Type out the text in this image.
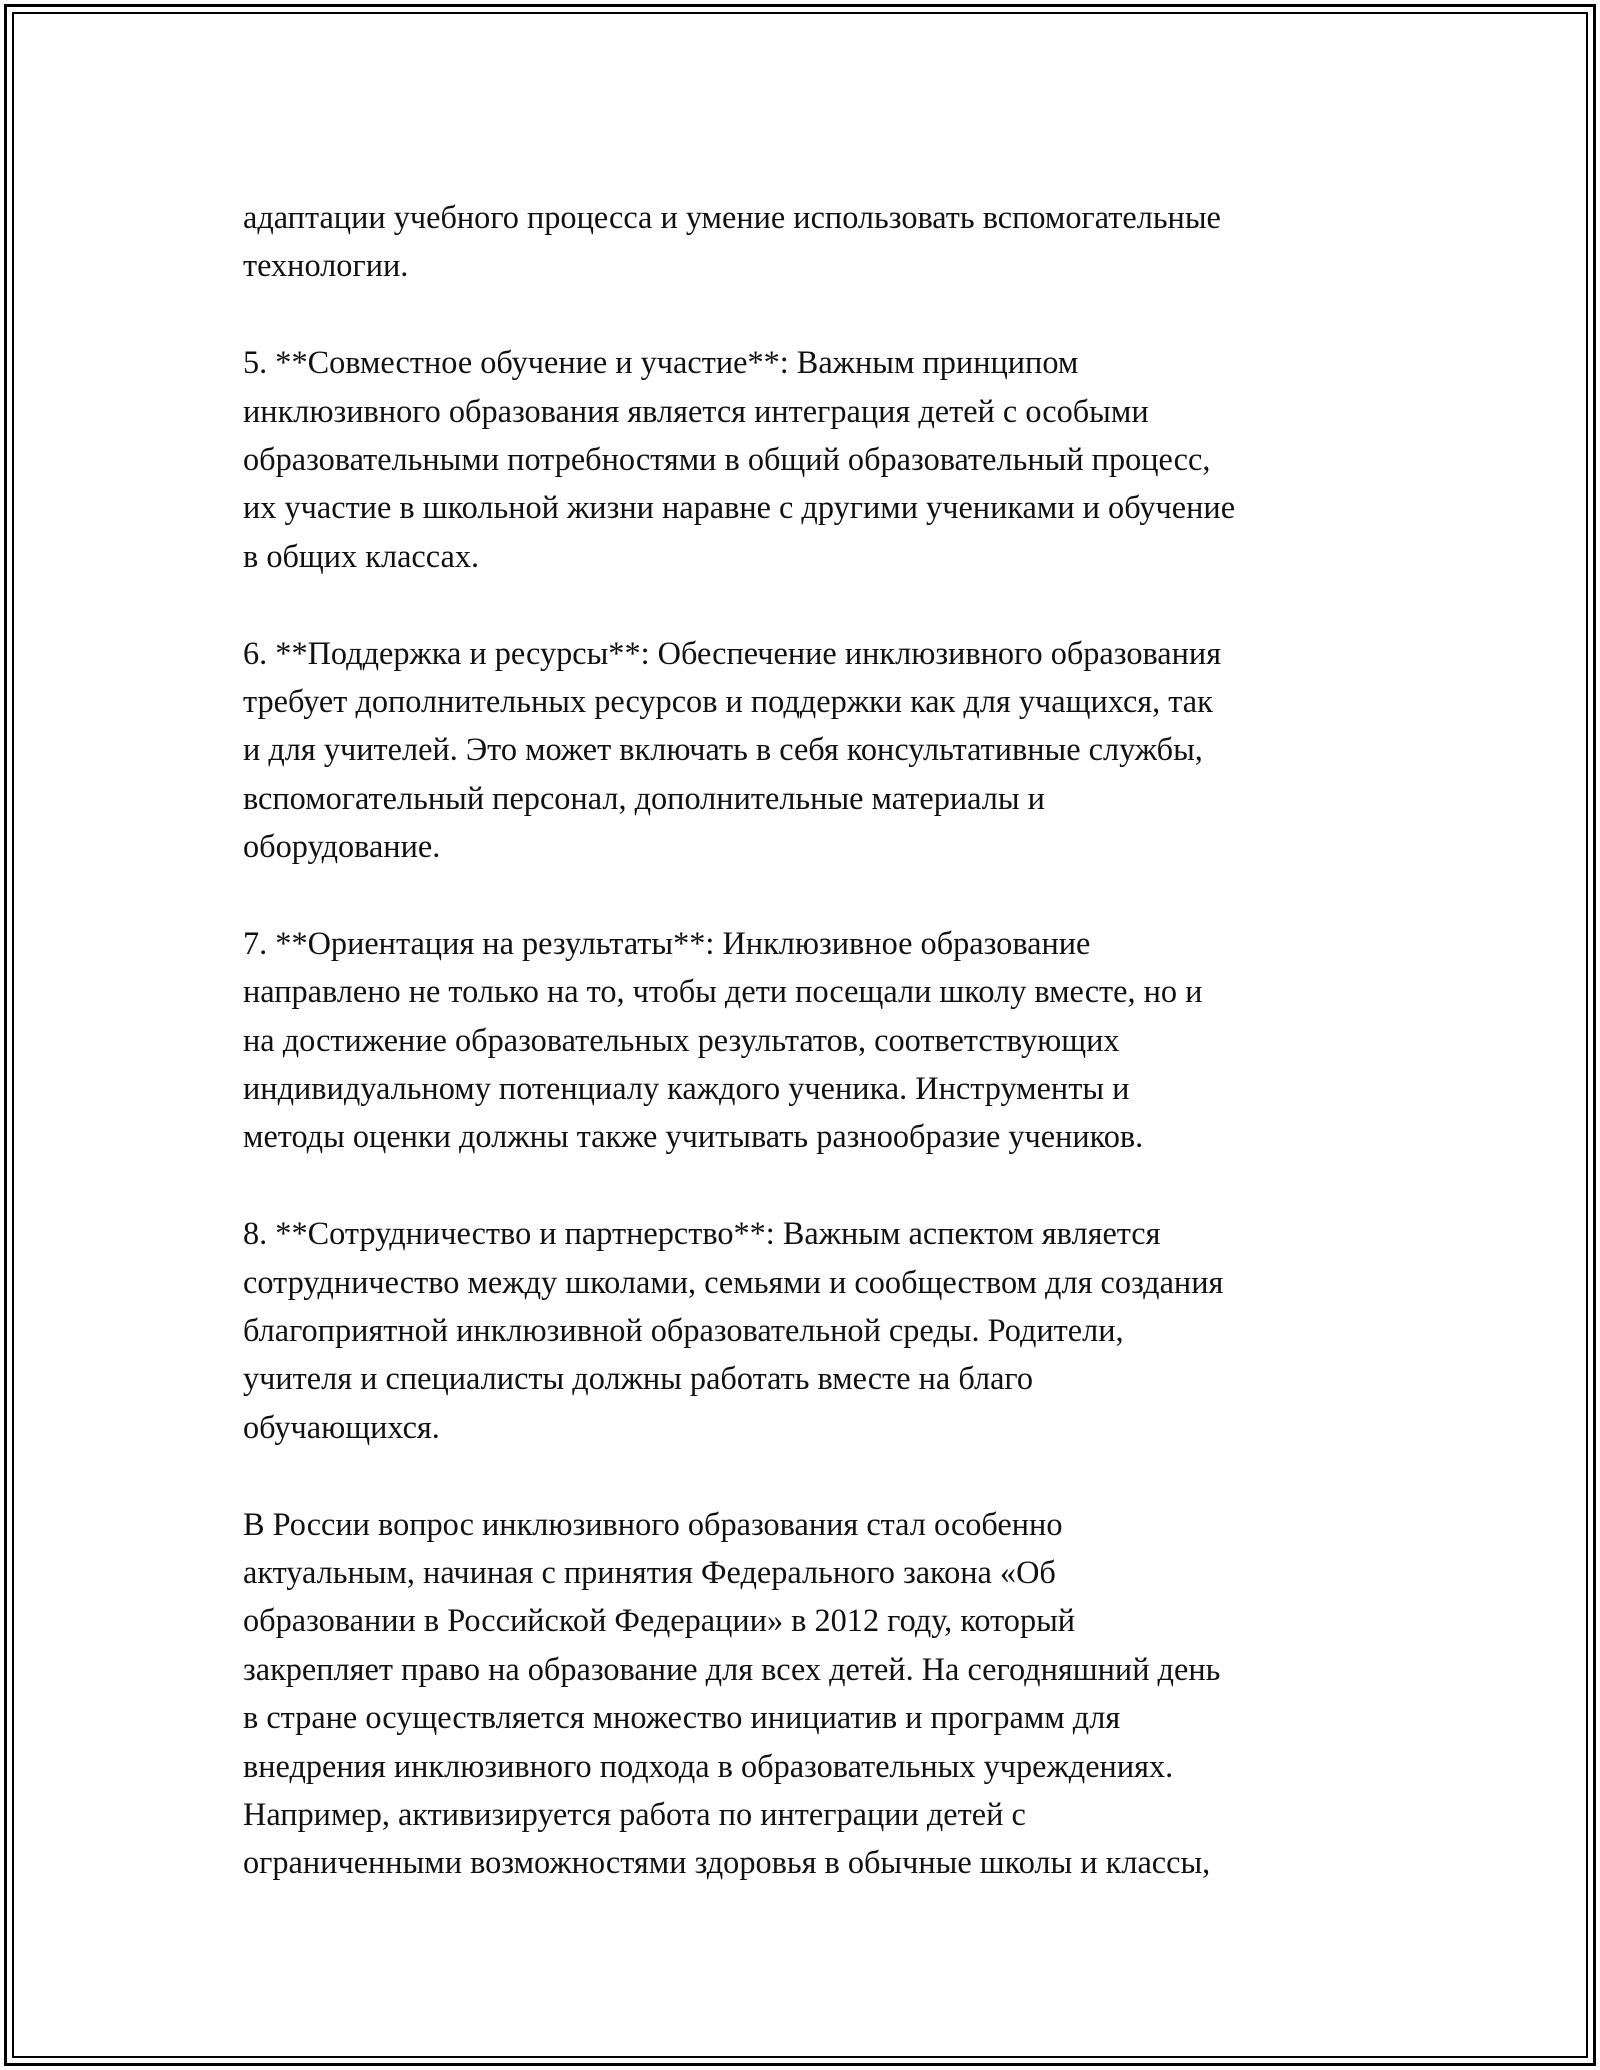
адаптации учебного процесса и умение использовать вспомогательные
технологии.
5. **Совместное обучение и участие**: Важным принципом
инклюзивного образования является интеграция детей с особыми
образовательными потребностями в общий образовательный процесс,
их участие в школьной жизни наравне с другими учениками и обучение
в общих классах.
6. **Поддержка и ресурсы**: Обеспечение инклюзивного образования
требует дополнительных ресурсов и поддержки как для учащихся, так
и для учителей. Это может включать в себя консультативные службы,
вспомогательный персонал, дополнительные материалы и
оборудование.
7. **Ориентация на результаты**: Инклюзивное образование
направлено не только на то, чтобы дети посещали школу вместе, но и
на достижение образовательных результатов, соответствующих
индивидуальному потенциалу каждого ученика. Инструменты и
методы оценки должны также учитывать разнообразие учеников.
8. **Сотрудничество и партнерство**: Важным аспектом является
сотрудничество между школами, семьями и сообществом для создания
благоприятной инклюзивной образовательной среды. Родители,
учителя и специалисты должны работать вместе на благо
обучающихся.
В России вопрос инклюзивного образования стал особенно
актуальным, начиная с принятия Федерального закона «Об
образовании в Российской Федерации» в 2012 году, который
закрепляет право на образование для всех детей. На сегодняшний день
в стране осуществляется множество инициатив и программ для
внедрения инклюзивного подхода в образовательных учреждениях.
Например, активизируется работа по интеграции детей с
ограниченными возможностями здоровья в обычные школы и классы,
